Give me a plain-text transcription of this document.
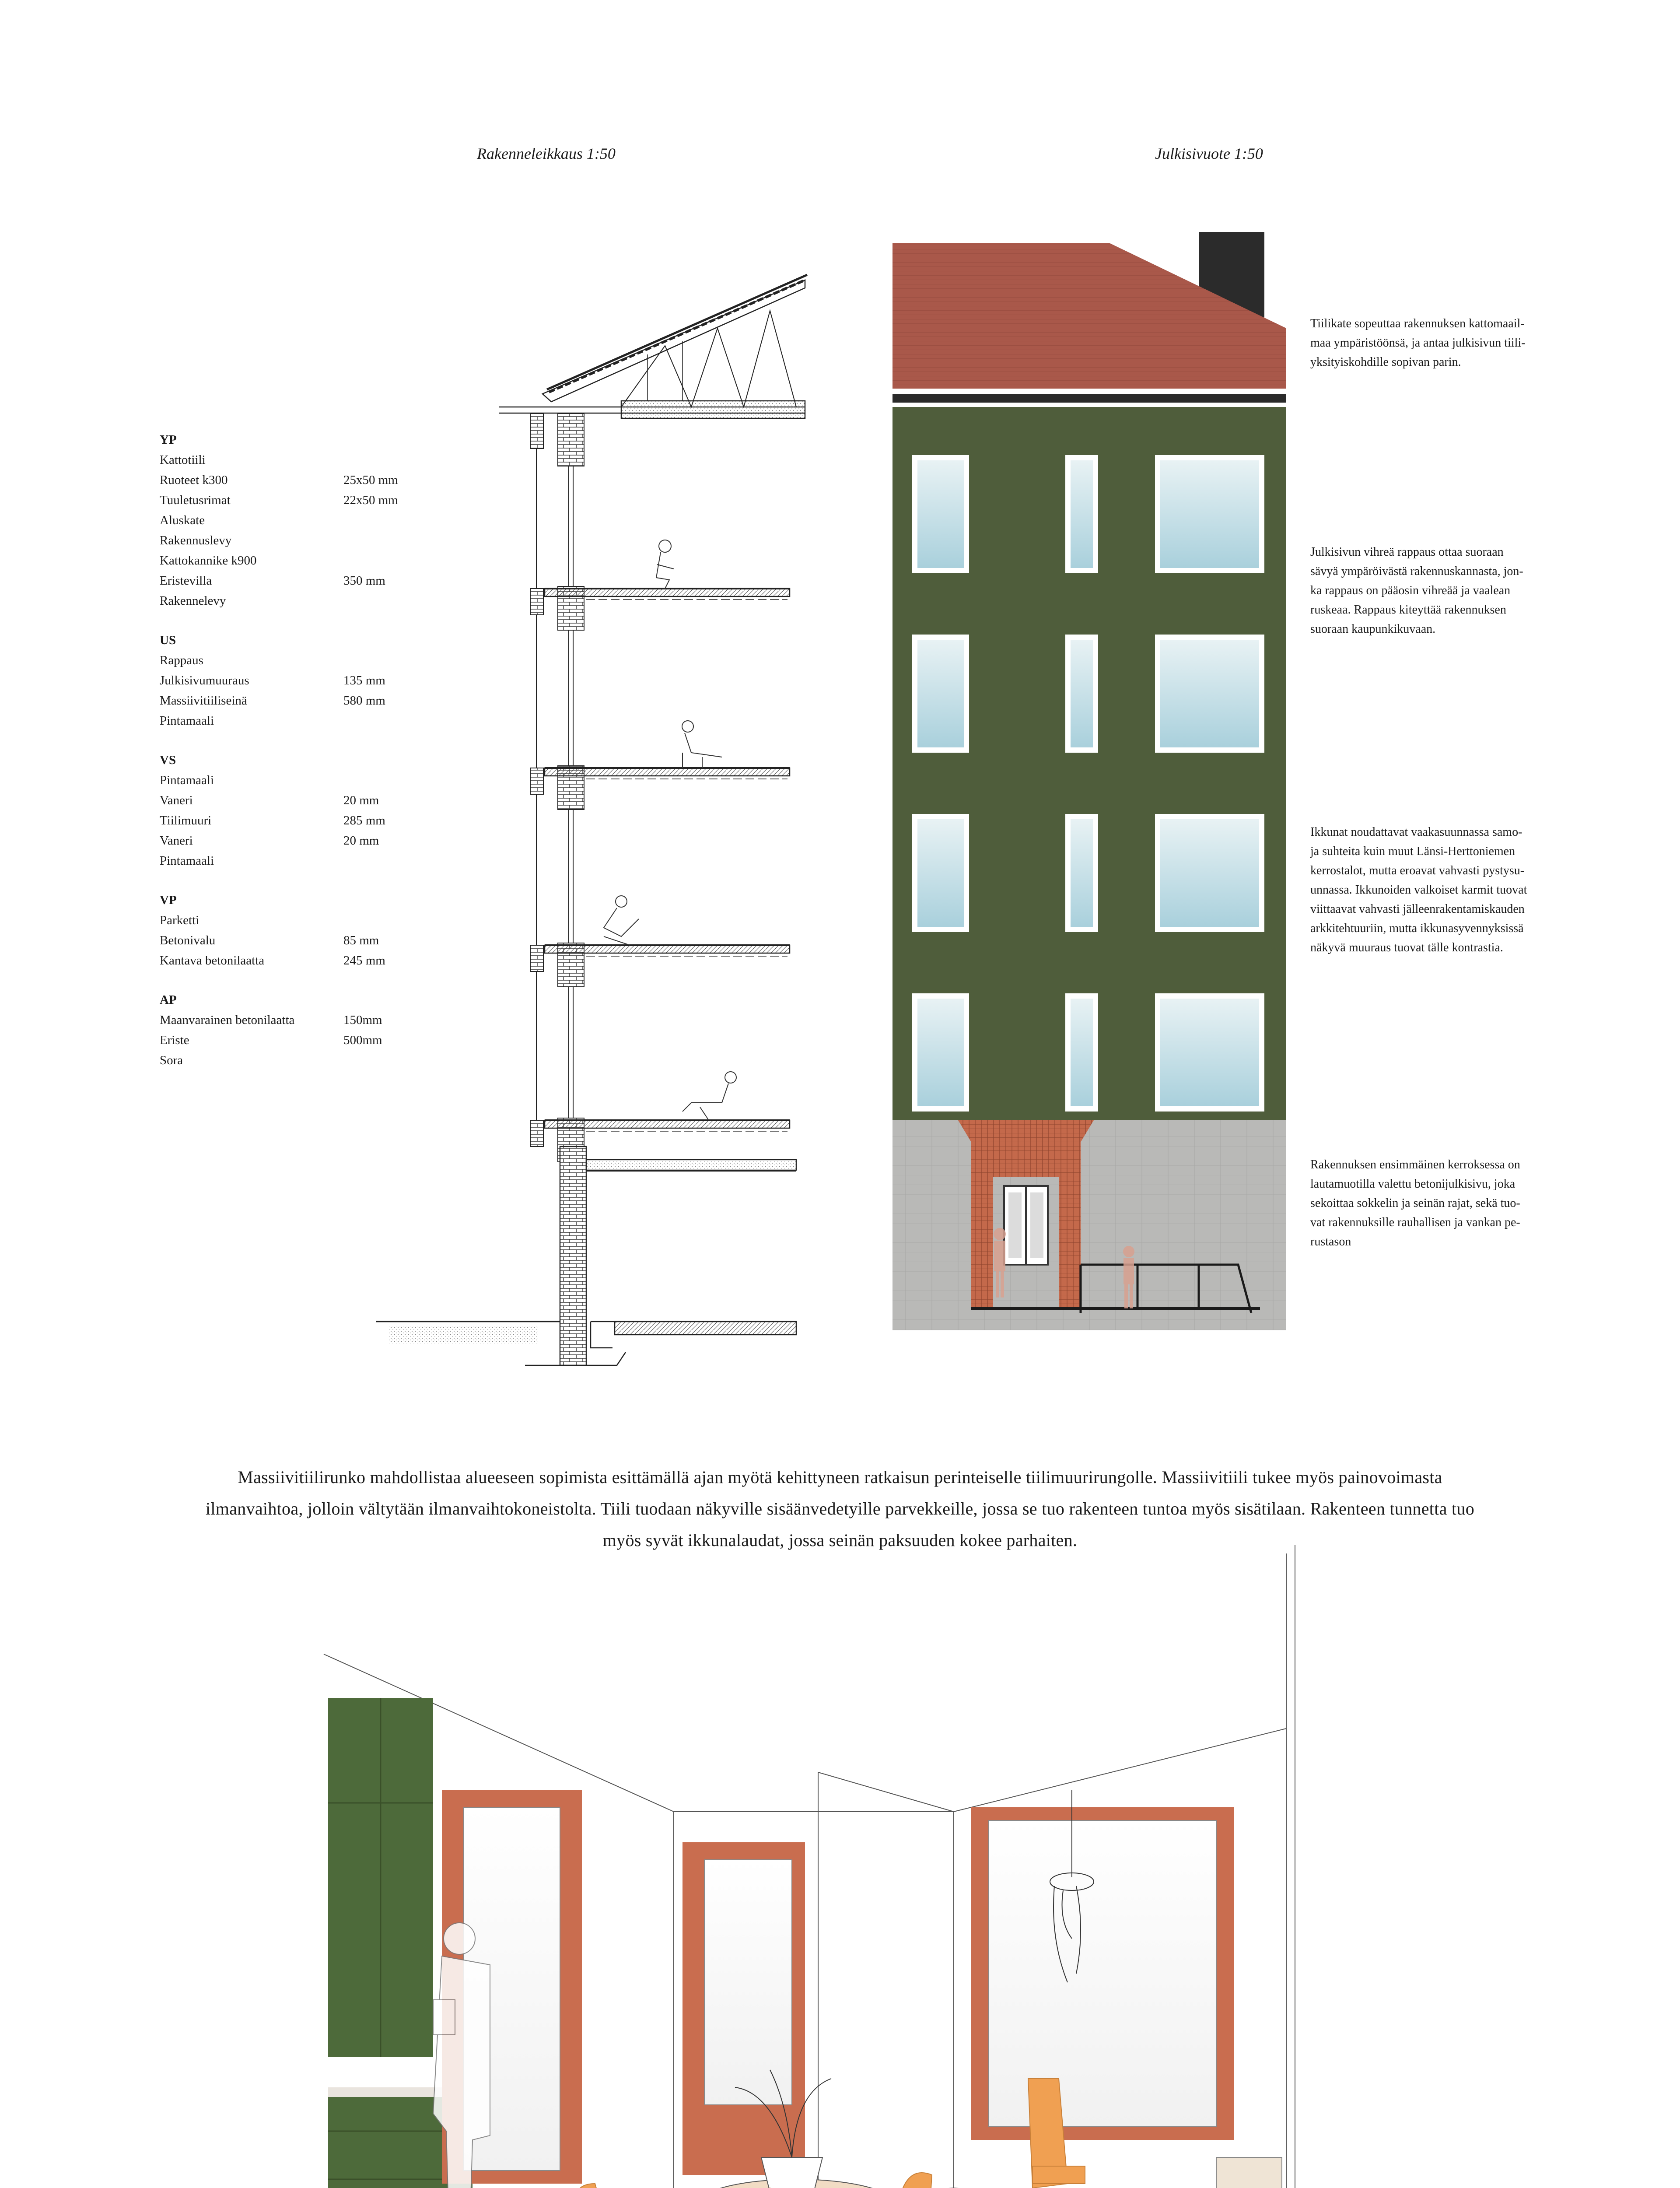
Rakenneleikkaus 1:50	Julkisivuote 1:50
YP
Kattotiili
Ruoteet k300	25x50 mm
Tuuletusrimat	22x50 mm
Aluskate
Rakennuslevy
Kattokannike k900
Eristevilla	350 mm
Rakennelevy
US
Rappaus
Julkisivumuuraus	135 mm
Massiivitiiliseinä	580 mm
Pintamaali
VS
Pintamaali
Vaneri	20 mm
Tiilimuuri	285 mm
Vaneri	20 mm
Pintamaali
VP
Parketti
Betonivalu	85 mm
Kantava betonilaatta	245 mm
AP
Maanvarainen betonilaatta	150mm
Eriste	500mm
Sora
Tiilikate sopeuttaa rakennuksen kattomaail-
maa ympäristöönsä, ja antaa julkisivun tiili-
yksityiskohdille sopivan parin.
Julkisivun vihreä rappaus ottaa suoraan
sävyä ympäröivästä rakennuskannasta, jon-
ka rappaus on pääosin vihreää ja vaalean
ruskeaa. Rappaus kiteyttää rakennuksen
suoraan kaupunkikuvaan.
Ikkunat noudattavat vaakasuunnassa samo-
ja suhteita kuin muut Länsi-Herttoniemen
kerrostalot, mutta eroavat vahvasti pystysu-
unnassa. Ikkunoiden valkoiset karmit tuovat
viittaavat vahvasti jälleenrakentamiskauden
arkkitehtuuriin, mutta ikkunasyvennyksissä
näkyvä muuraus tuovat tälle kontrastia.
Rakennuksen ensimmäinen kerroksessa on
lautamuotilla valettu betonijulkisivu, joka
sekoittaa sokkelin ja seinän rajat, sekä tuo-
vat rakennuksille rauhallisen ja vankan pe-
rustason
Massiivitiilirunko mahdollistaa alueeseen sopimista esittämällä ajan myötä kehittyneen ratkaisun perinteiselle tiilimuurirungolle. Massiivitiili tukee myös painovoimasta ilmanvaihtoa, jolloin vältytään ilmanvaihtokoneistolta. Tiili tuodaan näkyville sisäänvedetyille parvekkeille, jossa se tuo rakenteen tuntoa myös sisätilaan. Rakenteen tunnetta tuo myös syvät ikkunalaudat, jossa seinän paksuuden kokee parhaiten.
